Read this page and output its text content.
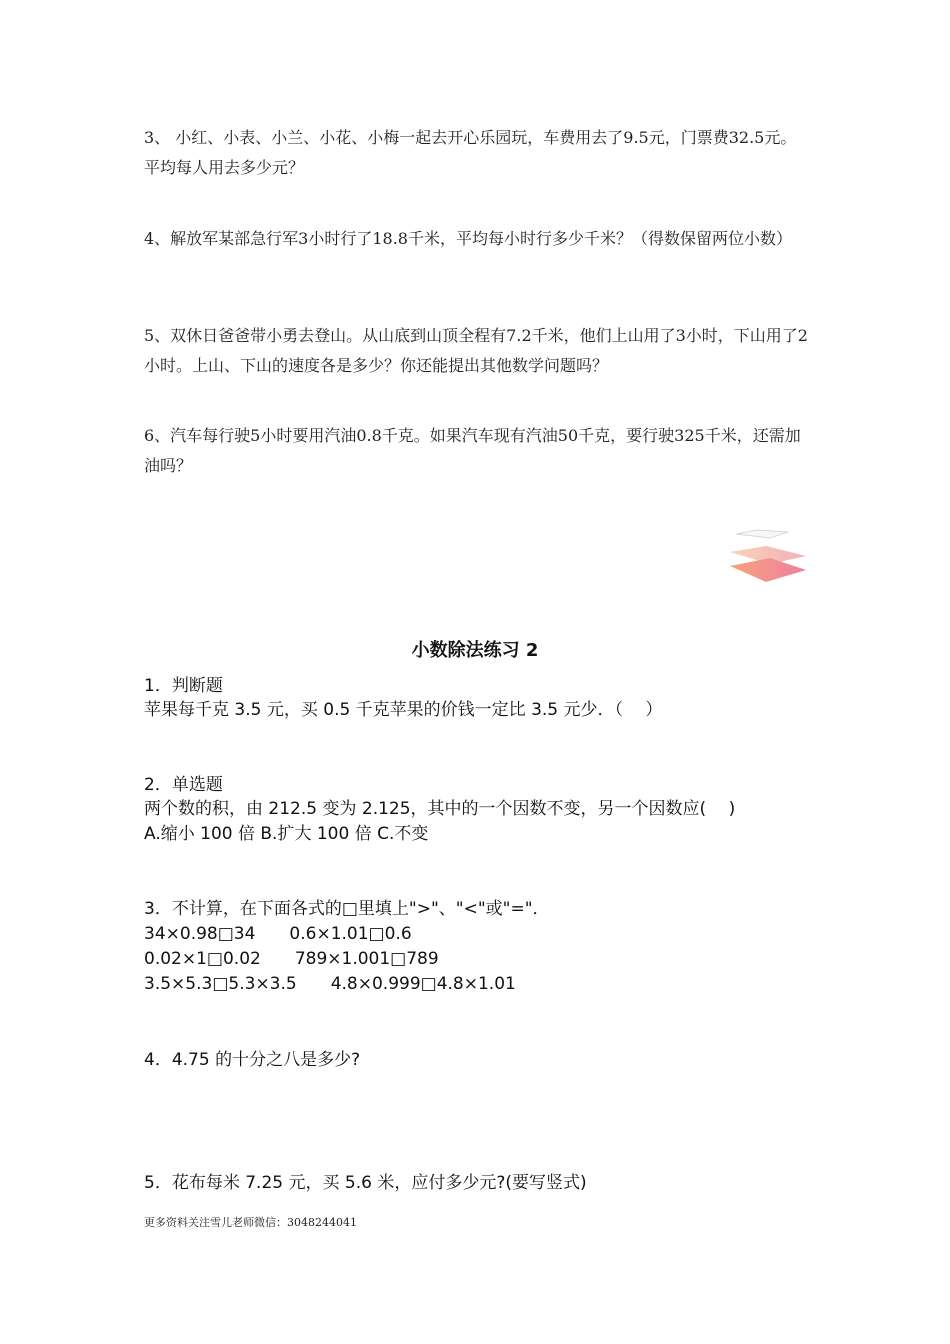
3、 小红、小表、小兰、小花、小梅一起去开心乐园玩，车费用去了9.5元，门票费32.5元。平均每人用去多少元？

4、解放军某部急行军3小时行了18.8千米，平均每小时行多少千米？（得数保留两位小数）

5、双休日爸爸带小勇去登山。从山底到山顶全程有7.2千米，他们上山用了3小时，下山用了2小时。上山、下山的速度各是多少？你还能提出其他数学问题吗？

6、汽车每行驶5小时要用汽油0.8千克。如果汽车现有汽油50千克，要行驶325千米，还需加油吗？

小数除法练习 2

1．判断题

苹果每千克 3.5 元，买 0.5 千克苹果的价钱一定比 3.5 元少．（　 ）

2．单选题

两个数的积，由 212.5 变为 2.125，其中的一个因数不变，另一个因数应(　 )

A.缩小 100 倍 B.扩大 100 倍 C.不变

3．不计算，在下面各式的□里填上">"、"<"或"="．

34×0.98□34　　0.6×1.01□0.6

0.02×1□0.02　　789×1.001□789

3.5×5.3□5.3×3.5　　4.8×0.999□4.8×1.01

4．4.75 的十分之八是多少?

5．花布每米 7.25 元，买 5.6 米，应付多少元?(要写竖式)

更多资料关注雪儿老师微信：3048244041
